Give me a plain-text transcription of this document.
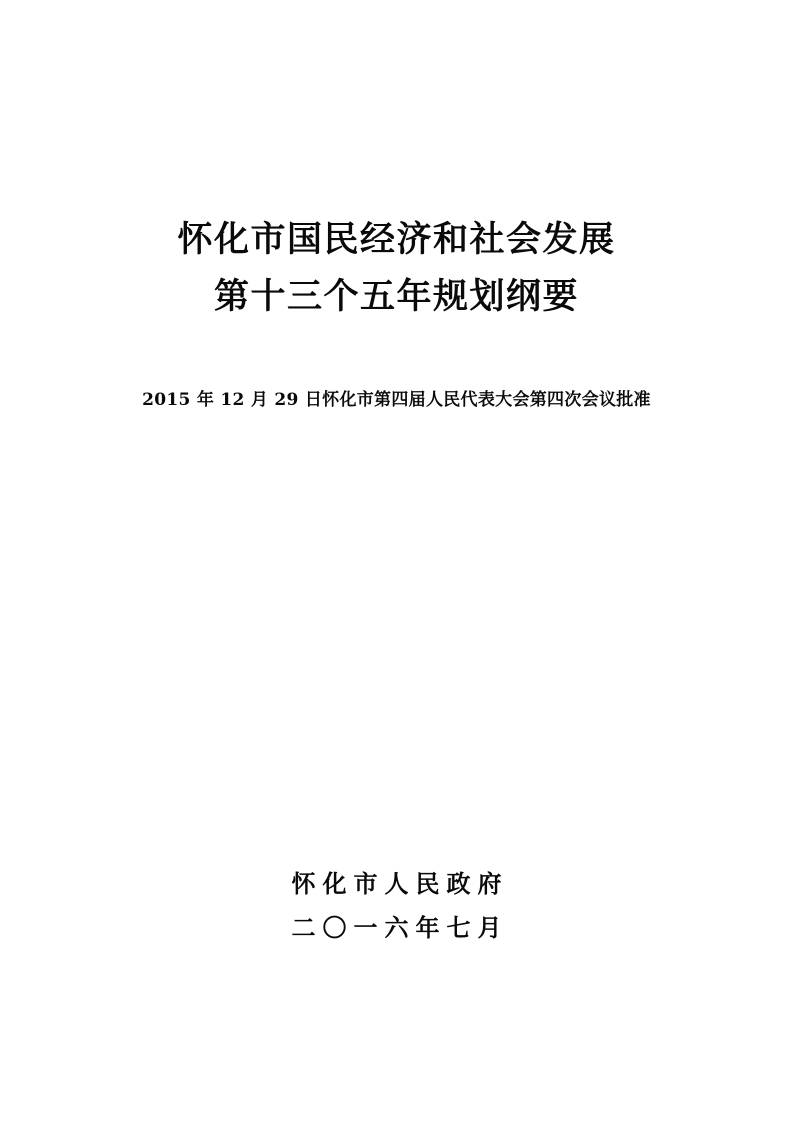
怀化市国民经济和社会发展
第十三个五年规划纲要
2015 年 12 月 29 日怀化市第四届人民代表大会第四次会议批准
怀化市人民政府
二〇一六年七月
